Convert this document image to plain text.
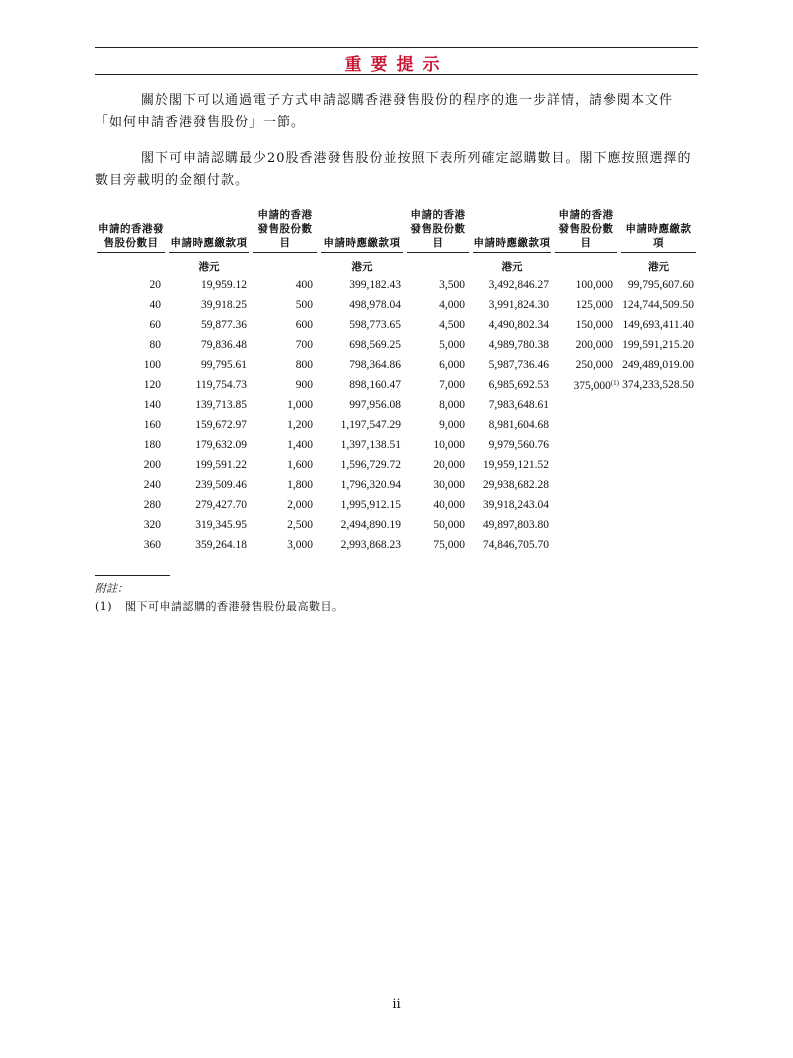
重要提示
關於閣下可以通過電子方式申請認購香港發售股份的程序的進一步詳情，請參閱本文件「如何申請香港發售股份」一節。
閣下可申請認購最少20股香港發售股份並按照下表所列確定認購數目。閣下應按照選擇的數目旁載明的金額付款。
申請的香港發售股份數目	申請時應繳款項	申請的香港發售股份數目	申請時應繳款項	申請的香港發售股份數目	申請時應繳款項	申請的香港發售股份數目	申請時應繳款項

	港元		港元		港元		港元
20	19,959.12	400	399,182.43	3,500	3,492,846.27	100,000	99,795,607.60
40	39,918.25	500	498,978.04	4,000	3,991,824.30	125,000	124,744,509.50
60	59,877.36	600	598,773.65	4,500	4,490,802.34	150,000	149,693,411.40
80	79,836.48	700	698,569.25	5,000	4,989,780.38	200,000	199,591,215.20
100	99,795.61	800	798,364.86	6,000	5,987,736.46	250,000	249,489,019.00
120	119,754.73	900	898,160.47	7,000	6,985,692.53	375,000$^{(1)}$	374,233,528.50
140	139,713.85	1,000	997,956.08	8,000	7,983,648.61		
160	159,672.97	1,200	1,197,547.29	9,000	8,981,604.68		
180	179,632.09	1,400	1,397,138.51	10,000	9,979,560.76		
200	199,591.22	1,600	1,596,729.72	20,000	19,959,121.52		
240	239,509.46	1,800	1,796,320.94	30,000	29,938,682.28		
280	279,427.70	2,000	1,995,912.15	40,000	39,918,243.04		
320	319,345.95	2,500	2,494,890.19	50,000	49,897,803.80		
360	359,264.18	3,000	2,993,868.23	75,000	74,846,705.70		
附註：
(1) 閣下可申請認購的香港發售股份最高數目。
ii
